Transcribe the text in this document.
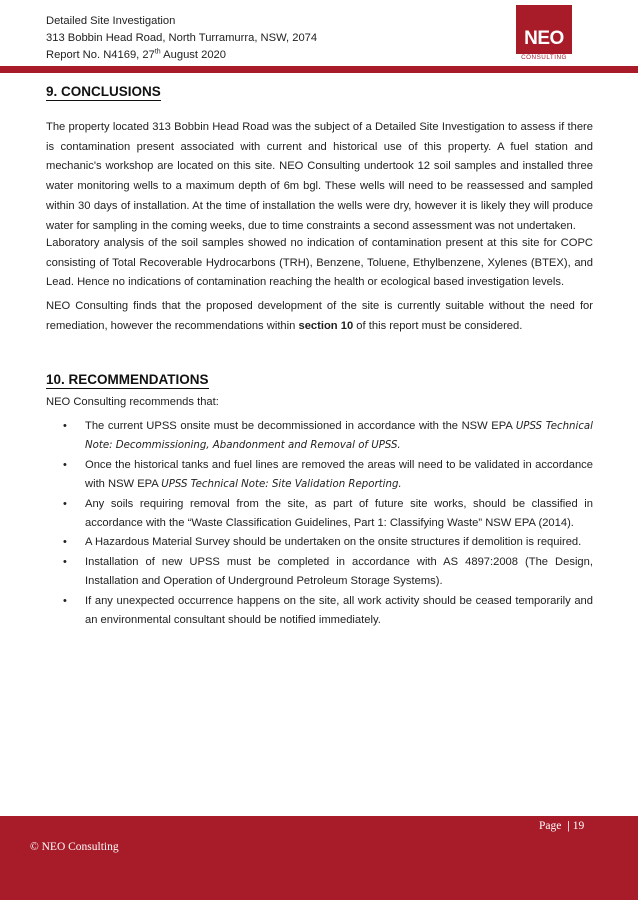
Detailed Site Investigation
313 Bobbin Head Road, North Turramurra, NSW, 2074
Report No. N4169, 27th August 2020
NEO
CONSULTING
9. CONCLUSIONS

The property located 313 Bobbin Head Road was the subject of a Detailed Site Investigation to assess if there is contamination present associated with current and historical use of this property. A fuel station and mechanic's workshop are located on this site. NEO Consulting undertook 12 soil samples and installed three water monitoring wells to a maximum depth of 6m bgl. These wells will need to be reassessed and sampled within 30 days of installation. At the time of installation the wells were dry, however it is likely they will produce water for sampling in the coming weeks, due to time constraints a second assessment was not undertaken.

Laboratory analysis of the soil samples showed no indication of contamination present at this site for COPC consisting of Total Recoverable Hydrocarbons (TRH), Benzene, Toluene, Ethylbenzene, Xylenes (BTEX), and Lead. Hence no indications of contamination reaching the health or ecological based investigation levels.

NEO Consulting finds that the proposed development of the site is currently suitable without the need for remediation, however the recommendations within section 10 of this report must be considered.

10. RECOMMENDATIONS

NEO Consulting recommends that:

• The current UPSS onsite must be decommissioned in accordance with the NSW EPA UPSS Technical Note: Decommissioning, Abandonment and Removal of UPSS.
• Once the historical tanks and fuel lines are removed the areas will need to be validated in accordance with NSW EPA UPSS Technical Note: Site Validation Reporting.
• Any soils requiring removal from the site, as part of future site works, should be classified in accordance with the “Waste Classification Guidelines, Part 1: Classifying Waste” NSW EPA (2014).
• A Hazardous Material Survey should be undertaken on the onsite structures if demolition is required.
• Installation of new UPSS must be completed in accordance with AS 4897:2008 (The Design, Installation and Operation of Underground Petroleum Storage Systems).
• If any unexpected occurrence happens on the site, all work activity should be ceased temporarily and an environmental consultant should be notified immediately.
Page | 19
© NEO Consulting
